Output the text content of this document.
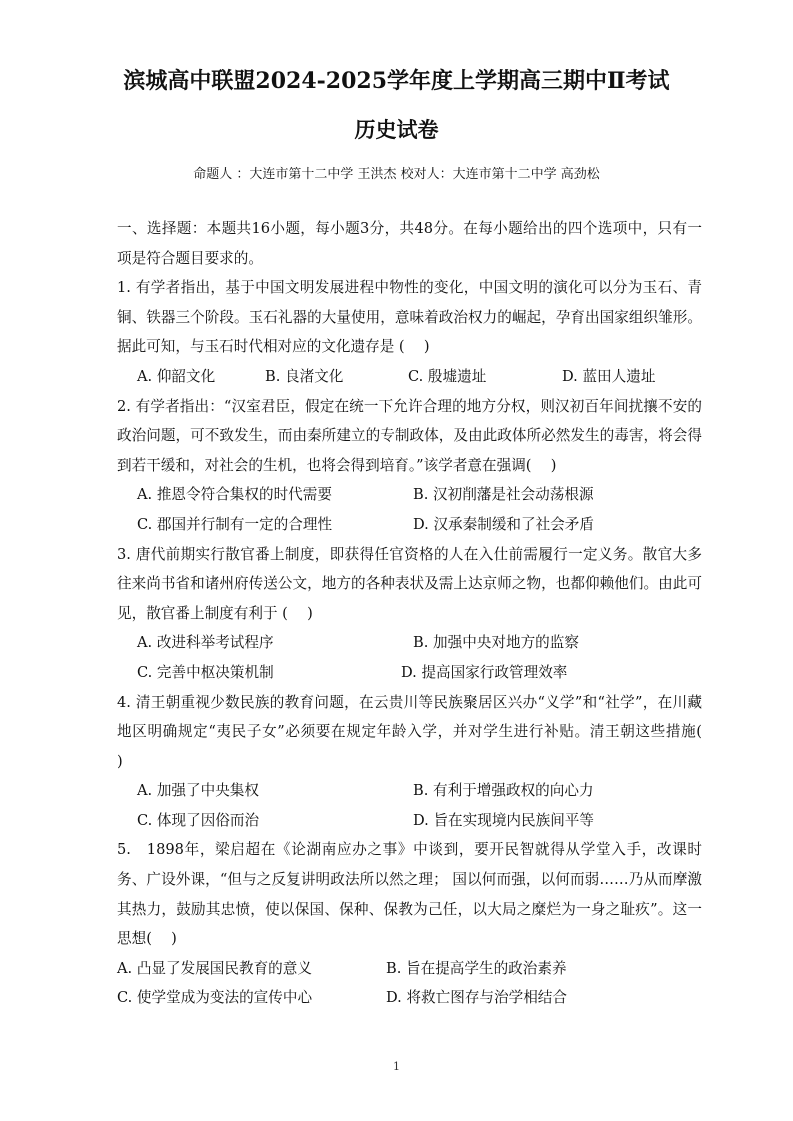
滨城高中联盟2024-2025学年度上学期高三期中Ⅱ考试
历史试卷
命题人 ：大连市第十二中学 王洪杰 校对人：大连市第十二中学 高劲松

一、选择题：本题共16小题，每小题3分，共48分。在每小题给出的四个选项中，只有一项是符合题目要求的。

1. 有学者指出，基于中国文明发展进程中物性的变化，中国文明的演化可以分为玉石、青铜、铁器三个阶段。玉石礼器的大量使用，意味着政治权力的崛起，孕育出国家组织雏形。据此可知，与玉石时代相对应的文化遗存是 (　 )

A. 仰韶文化	B. 良渚文化	C. 殷墟遗址	D. 蓝田人遗址

2. 有学者指出：“汉室君臣，假定在统一下允许合理的地方分权，则汉初百年间扰攘不安的政治问题，可不致发生，而由秦所建立的专制政体，及由此政体所必然发生的毒害，将会得到若干缓和，对社会的生机，也将会得到培育。”该学者意在强调(　 )

A. 推恩令符合集权的时代需要	B. 汉初削藩是社会动荡根源
C. 郡国并行制有一定的合理性	D. 汉承秦制缓和了社会矛盾

3. 唐代前期实行散官番上制度，即获得任官资格的人在入仕前需履行一定义务。散官大多往来尚书省和诸州府传送公文，地方的各种表状及需上达京师之物，也都仰赖他们。由此可见，散官番上制度有利于 (　 )

A. 改进科举考试程序	B. 加强中央对地方的监察
C. 完善中枢决策机制	D. 提高国家行政管理效率

4. 清王朝重视少数民族的教育问题，在云贵川等民族聚居区兴办“义学”和“社学”，在川藏地区明确规定“夷民子女”必须要在规定年龄入学，并对学生进行补贴。清王朝这些措施(　 )

A. 加强了中央集权	B. 有利于增强政权的向心力
C. 体现了因俗而治	D. 旨在实现境内民族间平等

5.　1898年，梁启超在《论湖南应办之事》中谈到，要开民智就得从学堂入手，改课时务、广设外课，“但与之反复讲明政法所以然之理； 国以何而强，以何而弱……乃从而摩激其热力，鼓励其忠愤，使以保国、保种、保教为己任，以大局之糜烂为一身之耻疚”。这一思想(　 )

A. 凸显了发展国民教育的意义	B. 旨在提高学生的政治素养
C. 使学堂成为变法的宣传中心	D. 将救亡图存与治学相结合
1
